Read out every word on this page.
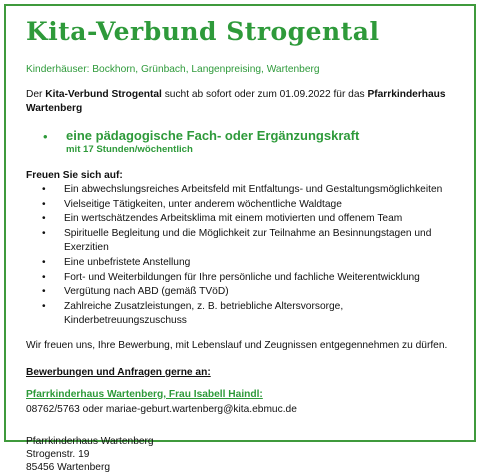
Kita-Verbund Strogental
Kinderhäuser: Bockhorn, Grünbach, Langenpreising, Wartenberg
Der Kita-Verbund Strogental sucht ab sofort oder zum 01.09.2022 für das Pfarrkinderhaus Wartenberg
• eine pädagogische Fach- oder Ergänzungskraft
mit 17 Stunden/wöchentlich
Freuen Sie sich auf:
• Ein abwechslungsreiches Arbeitsfeld mit Entfaltungs- und Gestaltungsmöglichkeiten
• Vielseitige Tätigkeiten, unter anderem wöchentliche Waldtage
• Ein wertschätzendes Arbeitsklima mit einem motivierten und offenem Team
• Spirituelle Begleitung und die Möglichkeit zur Teilnahme an Besinnungstagen und Exerzitien
• Eine unbefristete Anstellung
• Fort- und Weiterbildungen für Ihre persönliche und fachliche Weiterentwicklung
• Vergütung nach ABD (gemäß TVöD)
• Zahlreiche Zusatzleistungen, z. B. betriebliche Altersvorsorge, Kinderbetreuungszuschuss
Wir freuen uns, Ihre Bewerbung, mit Lebenslauf und Zeugnissen entgegennehmen zu dürfen.
Bewerbungen und Anfragen gerne an:
Pfarrkinderhaus Wartenberg, Frau Isabell Haindl:
08762/5763 oder mariae-geburt.wartenberg@kita.ebmuc.de
Pfarrkinderhaus Wartenberg
Strogenstr. 19
85456 Wartenberg
